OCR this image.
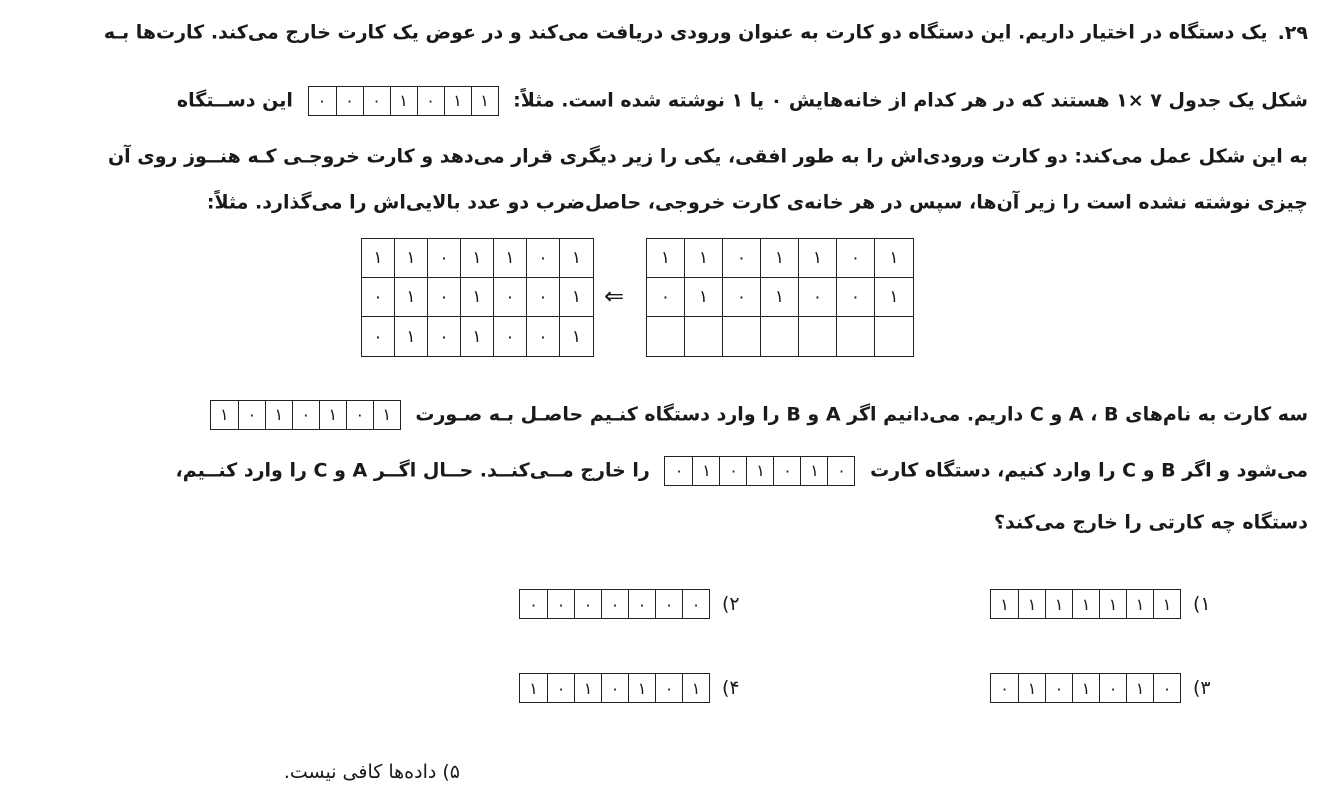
۲۹.یک دستگاه در اختیار داریم. این دستگاه دو کارت به عنوان ورودی دریافت می‌کند و در عوض یک کارت خارج می‌کند. کارت‌ها بـه
شکل یک جدول ۷ ×۱ هستند که در هر کدام از خانه‌هایش ۰ یا ۱ نوشته شده است. مثلاً:
۰	۰	۰	۱	۰	۱	۱
این دســتگاه
به این شکل عمل می‌کند: دو کارت ورودی‌اش را به طور افقی، یکی را زیر دیگری قرار می‌دهد و کارت خروجـی کـه هنــوز روی آن
چیزی نوشته نشده است را زیر آن‌ها، سپس در هر خانه‌ی کارت خروجی، حاصل‌ضرب دو عدد بالایی‌اش را می‌گذارد. مثلاً:
۱	۱	۰	۱	۱	۰	۱
۰	۱	۰	۱	۰	۰	۱
۰	۱	۰	۱	۰	۰	۱
⇐
۱	۱	۰	۱	۱	۰	۱
۰	۱	۰	۱	۰	۰	۱
سه کارت به نام‌های A ، B و C داریم. می‌دانیم اگر A و B را وارد دستگاه کنـیم حاصـل بـه صـورت
۱	۰	۱	۰	۱	۰	۱
می‌شود و اگر B و C را وارد کنیم، دستگاه کارت
۰	۱	۰	۱	۰	۱	۰
را خارج مــی‌کنــد. حــال اگــر A و C را وارد کنــیم،
دستگاه چه کارتی را خارج می‌کند؟
۱)
۱	۱	۱	۱	۱	۱	۱
۲)
۰	۰	۰	۰	۰	۰	۰
۳)
۰	۱	۰	۱	۰	۱	۰
۴)
۱	۰	۱	۰	۱	۰	۱
۵) داده‌ها کافی نیست.
